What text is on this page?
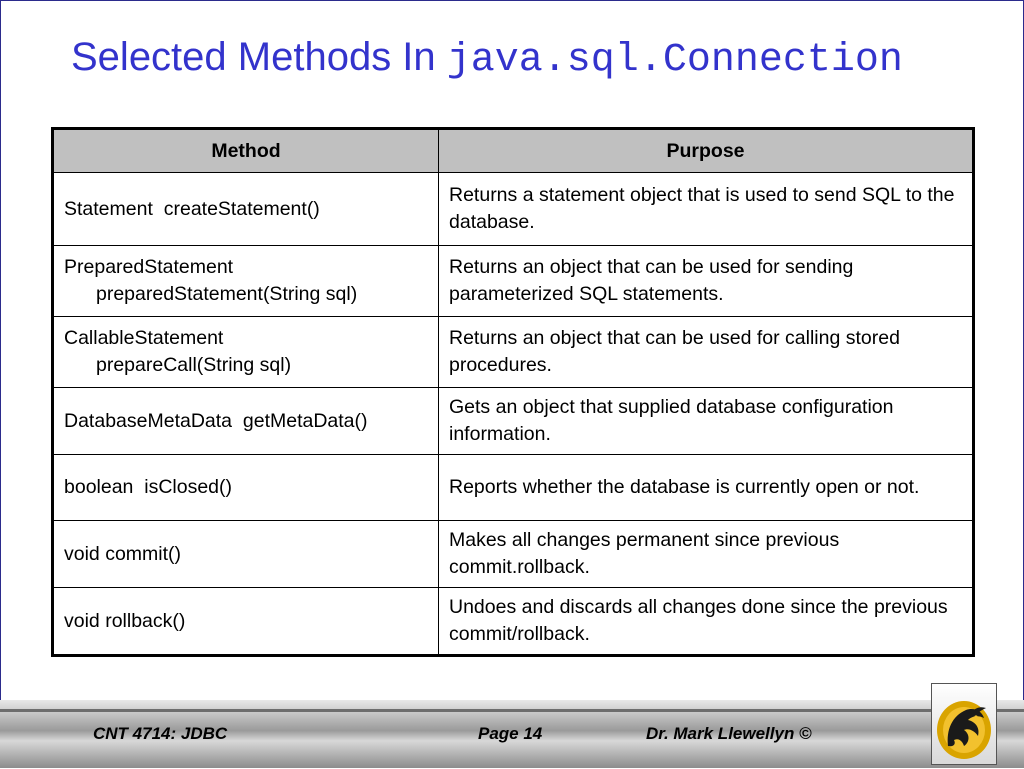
Selected Methods In java.sql.Connection
Method	Purpose
Statement createStatement()	Returns a statement object that is used to send SQL to the database.

PreparedStatement
preparedStatement(String sql)	Returns an object that can be used for sending parameterized SQL statements.

CallableStatement
prepareCall(String sql)	Returns an object that can be used for calling stored procedures.
DatabaseMetaData getMetaData()	Gets an object that supplied database configuration information.
boolean isClosed()	Reports whether the database is currently open or not.
void commit()	Makes all changes permanent since previous commit.rollback.
void rollback()	Undoes and discards all changes done since the previous commit/rollback.
CNT 4714: JDBC	Page 14	Dr. Mark Llewellyn ©
